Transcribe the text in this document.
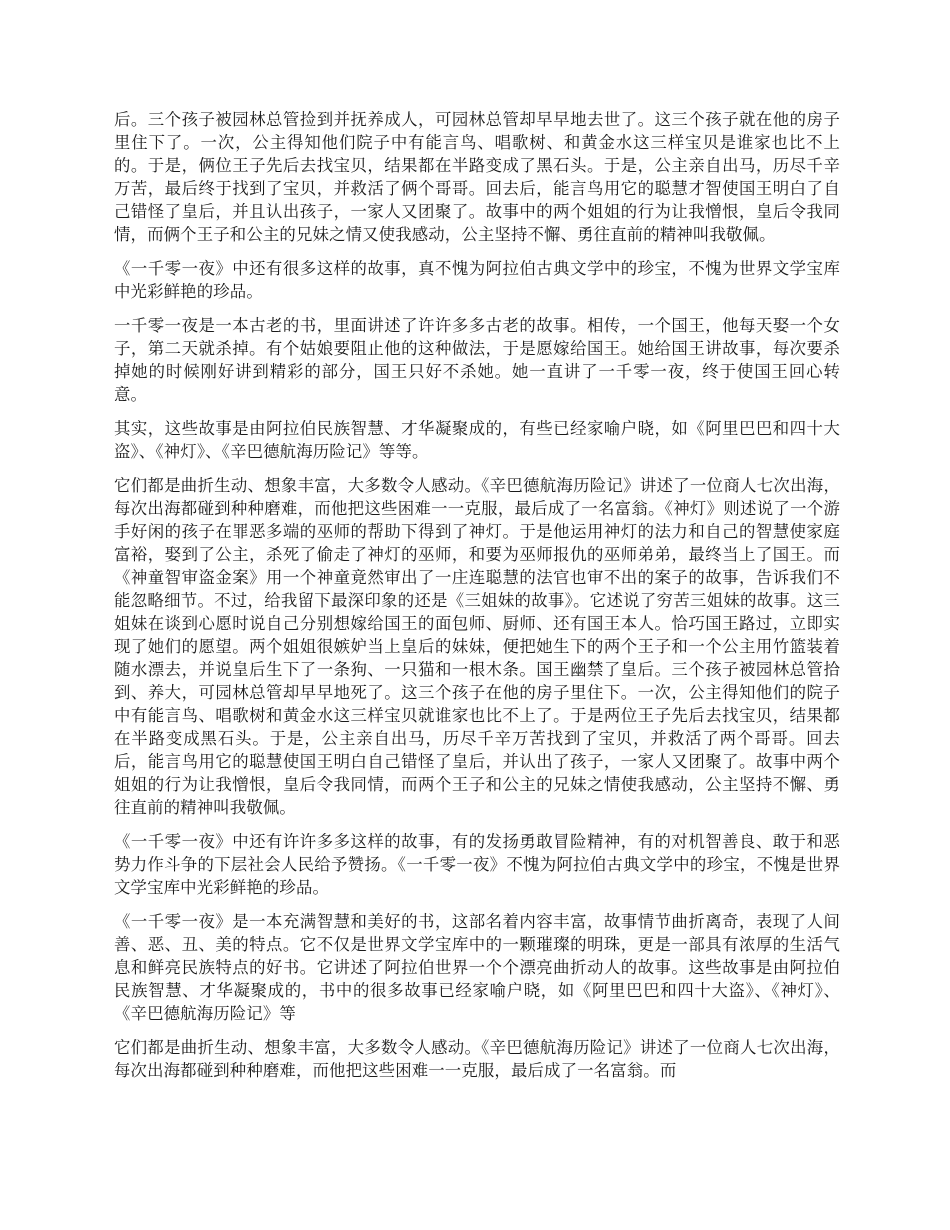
后。三个孩子被园林总管捡到并抚养成人，可园林总管却早早地去世了。这三个孩子就在他的房子里住下了。一次，公主得知他们院子中有能言鸟、唱歌树、和黄金水这三样宝贝是谁家也比不上的。于是，俩位王子先后去找宝贝，结果都在半路变成了黑石头。于是，公主亲自出马，历尽千辛万苦，最后终于找到了宝贝，并救活了俩个哥哥。回去后，能言鸟用它的聪慧才智使国王明白了自己错怪了皇后，并且认出孩子，一家人又团聚了。故事中的两个姐姐的行为让我憎恨，皇后令我同情，而俩个王子和公主的兄妹之情又使我感动，公主坚持不懈、勇往直前的精神叫我敬佩。

《一千零一夜》中还有很多这样的故事，真不愧为阿拉伯古典文学中的珍宝，不愧为世界文学宝库中光彩鲜艳的珍品。

一千零一夜是一本古老的书，里面讲述了许许多多古老的故事。相传，一个国王，他每天娶一个女子，第二天就杀掉。有个姑娘要阻止他的这种做法，于是愿嫁给国王。她给国王讲故事，每次要杀掉她的时候刚好讲到精彩的部分，国王只好不杀她。她一直讲了一千零一夜，终于使国王回心转意。

其实，这些故事是由阿拉伯民族智慧、才华凝聚成的，有些已经家喻户晓，如《阿里巴巴和四十大盗》、《神灯》、《辛巴德航海历险记》等等。

它们都是曲折生动、想象丰富，大多数令人感动。《辛巴德航海历险记》讲述了一位商人七次出海，每次出海都碰到种种磨难，而他把这些困难一一克服，最后成了一名富翁。《神灯》则述说了一个游手好闲的孩子在罪恶多端的巫师的帮助下得到了神灯。于是他运用神灯的法力和自己的智慧使家庭富裕，娶到了公主，杀死了偷走了神灯的巫师，和要为巫师报仇的巫师弟弟，最终当上了国王。而《神童智审盗金案》用一个神童竟然审出了一庄连聪慧的法官也审不出的案子的故事，告诉我们不能忽略细节。不过，给我留下最深印象的还是《三姐妹的故事》。它述说了穷苦三姐妹的故事。这三姐妹在谈到心愿时说自己分别想嫁给国王的面包师、厨师、还有国王本人。恰巧国王路过，立即实现了她们的愿望。两个姐姐很嫉妒当上皇后的妹妹，便把她生下的两个王子和一个公主用竹篮装着随水漂去，并说皇后生下了一条狗、一只猫和一根木条。国王幽禁了皇后。三个孩子被园林总管拾到、养大，可园林总管却早早地死了。这三个孩子在他的房子里住下。一次，公主得知他们的院子中有能言鸟、唱歌树和黄金水这三样宝贝就谁家也比不上了。于是两位王子先后去找宝贝，结果都在半路变成黑石头。于是，公主亲自出马，历尽千辛万苦找到了宝贝，并救活了两个哥哥。回去后，能言鸟用它的聪慧使国王明白自己错怪了皇后，并认出了孩子，一家人又团聚了。故事中两个姐姐的行为让我憎恨，皇后令我同情，而两个王子和公主的兄妹之情使我感动，公主坚持不懈、勇往直前的精神叫我敬佩。

《一千零一夜》中还有许许多多这样的故事，有的发扬勇敢冒险精神，有的对机智善良、敢于和恶势力作斗争的下层社会人民给予赞扬。《一千零一夜》不愧为阿拉伯古典文学中的珍宝，不愧是世界文学宝库中光彩鲜艳的珍品。

《一千零一夜》是一本充满智慧和美好的书，这部名着内容丰富，故事情节曲折离奇，表现了人间善、恶、丑、美的特点。它不仅是世界文学宝库中的一颗璀璨的明珠，更是一部具有浓厚的生活气息和鲜亮民族特点的好书。它讲述了阿拉伯世界一个个漂亮曲折动人的故事。这些故事是由阿拉伯民族智慧、才华凝聚成的，书中的很多故事已经家喻户晓，如《阿里巴巴和四十大盗》、《神灯》、《辛巴德航海历险记》等

它们都是曲折生动、想象丰富，大多数令人感动。《辛巴德航海历险记》讲述了一位商人七次出海，每次出海都碰到种种磨难，而他把这些困难一一克服，最后成了一名富翁。而
